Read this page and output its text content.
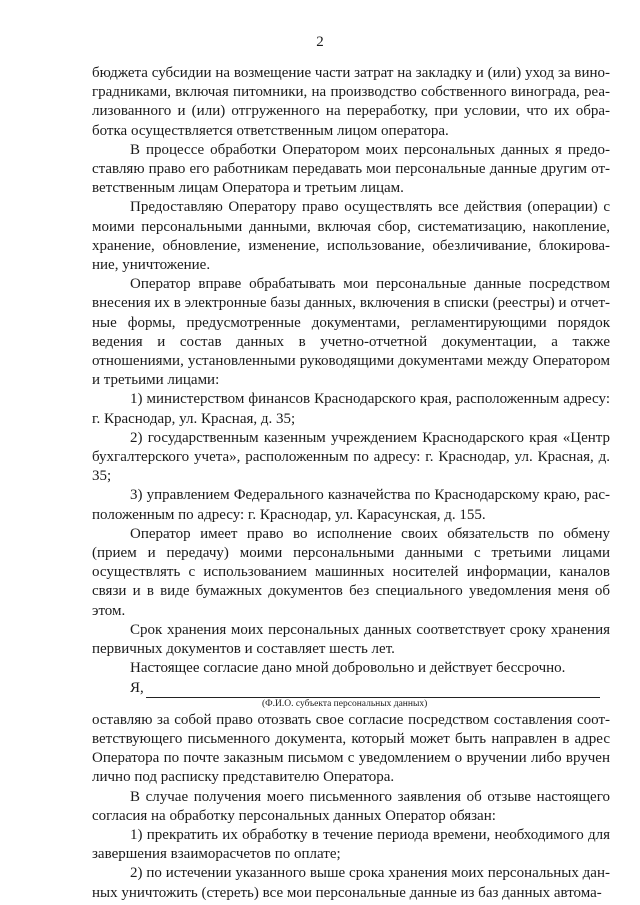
2

бюджета субсидии на возмещение части затрат на закладку и (или) уход за виноградниками, включая питомники, на производство собственного винограда, реализованного и (или) отгруженного на переработку, при условии, что их обработка осуществляется ответственным лицом оператора.

В процессе обработки Оператором моих персональных данных я предоставляю право его работникам передавать мои персональные данные другим ответственным лицам Оператора и третьим лицам.

Предоставляю Оператору право осуществлять все действия (операции) с моими персональными данными, включая сбор, систематизацию, накопление, хранение, обновление, изменение, использование, обезличивание, блокирование, уничтожение.

Оператор вправе обрабатывать мои персональные данные посредством внесения их в электронные базы данных, включения в списки (реестры) и отчетные формы, предусмотренные документами, регламентирующими порядок ведения и состав данных в учетно-отчетной документации, а также отношениями, установленными руководящими документами между Оператором и третьими лицами:

1) министерством финансов Краснодарского края, расположенным адресу: г. Краснодар, ул. Красная, д. 35;

2) государственным казенным учреждением Краснодарского края «Центр бухгалтерского учета», расположенным по адресу: г. Краснодар, ул. Красная, д. 35;

3) управлением Федерального казначейства по Краснодарскому краю, расположенным по адресу: г. Краснодар, ул. Карасунская, д. 155.

Оператор имеет право во исполнение своих обязательств по обмену (прием и передачу) моими персональными данными с третьими лицами осуществлять с использованием машинных носителей информации, каналов связи и в виде бумажных документов без специального уведомления меня об этом.

Срок хранения моих персональных данных соответствует сроку хранения первичных документов и составляет шесть лет.

Настоящее согласие дано мной добровольно и действует бессрочно.

Я,

(Ф.И.О. субъекта персональных данных)

оставляю за собой право отозвать свое согласие посредством составления соответствующего письменного документа, который может быть направлен в адрес Оператора по почте заказным письмом с уведомлением о вручении либо вручен лично под расписку представителю Оператора.

В случае получения моего письменного заявления об отзыве настоящего согласия на обработку персональных данных Оператор обязан:

1) прекратить их обработку в течение периода времени, необходимого для завершения взаиморасчетов по оплате;

2) по истечении указанного выше срока хранения моих персональных данных уничтожить (стереть) все мои персональные данные из баз данных автома-
